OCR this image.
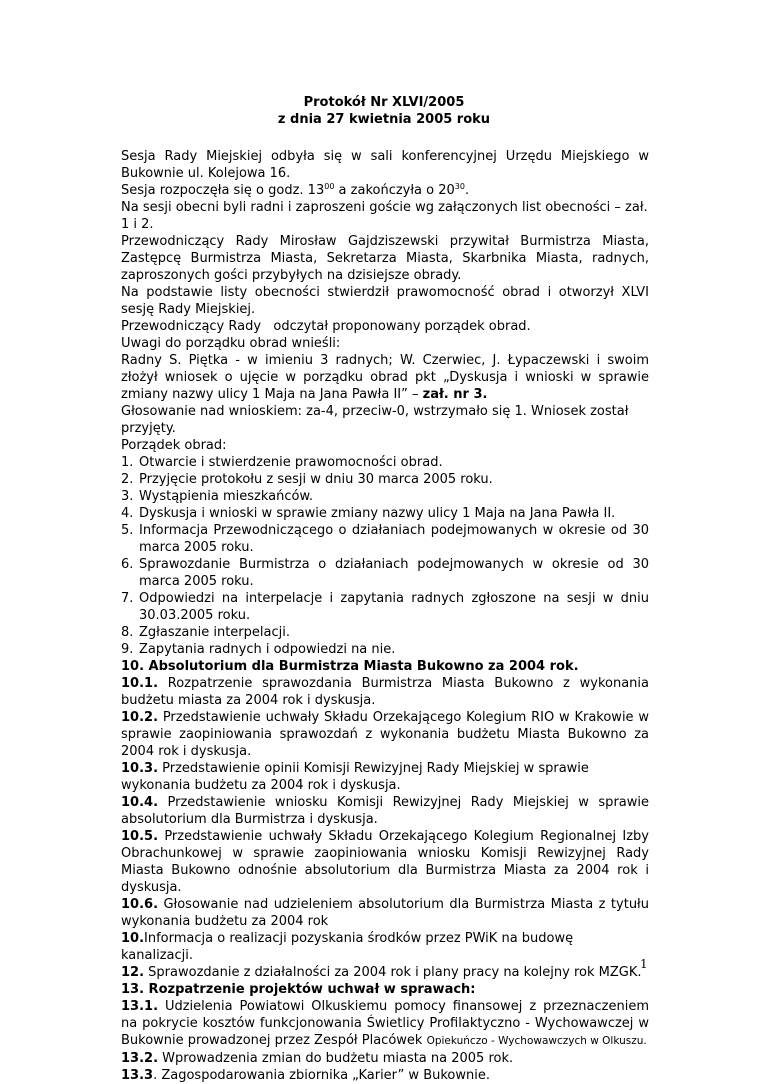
Protokół Nr XLVI/2005
z dnia 27 kwietnia 2005 roku

Sesja Rady Miejskiej odbyła się w sali konferencyjnej Urzędu Miejskiego w Bukownie ul. Kolejowa 16.

Sesja rozpoczęła się o godz. $13^{00}$ a zakończyła o $20^{30}$.

Na sesji obecni byli radni i zaproszeni goście wg załączonych list obecności – zał. 1 i 2.

Przewodniczący Rady Mirosław Gajdziszewski przywitał Burmistrza Miasta, Zastępcę Burmistrza Miasta, Sekretarza Miasta, Skarbnika Miasta, radnych, zaproszonych gości przybyłych na dzisiejsze obrady.

Na podstawie listy obecności stwierdził prawomocność obrad i otworzył XLVI sesję Rady Miejskiej.

Przewodniczący Rady   odczytał proponowany porządek obrad.

Uwagi do porządku obrad wnieśli:

Radny S. Piętka - w imieniu 3 radnych; W. Czerwiec, J. Łypaczewski i swoim złożył wniosek o ujęcie w porządku obrad pkt „Dyskusja i wnioski w sprawie zmiany nazwy ulicy 1 Maja na Jana Pawła II” – zał. nr 3.

Głosowanie nad wnioskiem: za-4, przeciw-0, wstrzymało się 1. Wniosek został przyjęty.

Porządek obrad:

1. Otwarcie i stwierdzenie prawomocności obrad.
2. Przyjęcie protokołu z sesji w dniu 30 marca 2005 roku.
3. Wystąpienia mieszkańców.
4. Dyskusja i wnioski w sprawie zmiany nazwy ulicy 1 Maja na Jana Pawła II.
5. Informacja Przewodniczącego o działaniach podejmowanych w okresie od 30 marca 2005 roku.
6. Sprawozdanie Burmistrza o działaniach podejmowanych w okresie od 30 marca 2005 roku.
7. Odpowiedzi na interpelacje i zapytania radnych zgłoszone na sesji w dniu 30.03.2005 roku.
8. Zgłaszanie interpelacji.
9. Zapytania radnych i odpowiedzi na nie.

10. Absolutorium dla Burmistrza Miasta Bukowno za 2004 rok.

10.1. Rozpatrzenie sprawozdania Burmistrza Miasta Bukowno z wykonania budżetu miasta za 2004 rok i dyskusja.

10.2. Przedstawienie uchwały Składu Orzekającego Kolegium RIO w Krakowie w sprawie zaopiniowania sprawozdań z wykonania budżetu Miasta Bukowno za 2004 rok i dyskusja.

10.3. Przedstawienie opinii Komisji Rewizyjnej Rady Miejskiej w sprawie wykonania budżetu za 2004 rok i dyskusja.

10.4. Przedstawienie wniosku Komisji Rewizyjnej Rady Miejskiej w sprawie absolutorium dla Burmistrza i dyskusja.

10.5. Przedstawienie uchwały Składu Orzekającego Kolegium Regionalnej Izby Obrachunkowej w sprawie zaopiniowania wniosku Komisji Rewizyjnej Rady Miasta Bukowno odnośnie absolutorium dla Burmistrza Miasta za 2004 rok i dyskusja.

10.6. Głosowanie nad udzieleniem absolutorium dla Burmistrza Miasta z tytułu wykonania budżetu za 2004 rok

10.Informacja o realizacji pozyskania środków przez PWiK na budowę kanalizacji.

12. Sprawozdanie z działalności za 2004 rok i plany pracy na kolejny rok MZGK.

13. Rozpatrzenie projektów uchwał w sprawach:

13.1. Udzielenia Powiatowi Olkuskiemu pomocy finansowej z przeznaczeniem na pokrycie kosztów funkcjonowania Świetlicy Profilaktyczno - Wychowawczej w Bukownie prowadzonej przez Zespół Placówek Opiekuńczo - Wychowawczych w Olkuszu.

13.2. Wprowadzenia zmian do budżetu miasta na 2005 rok.

13.3. Zagospodarowania zbiornika „Karier” w Bukownie.

1
